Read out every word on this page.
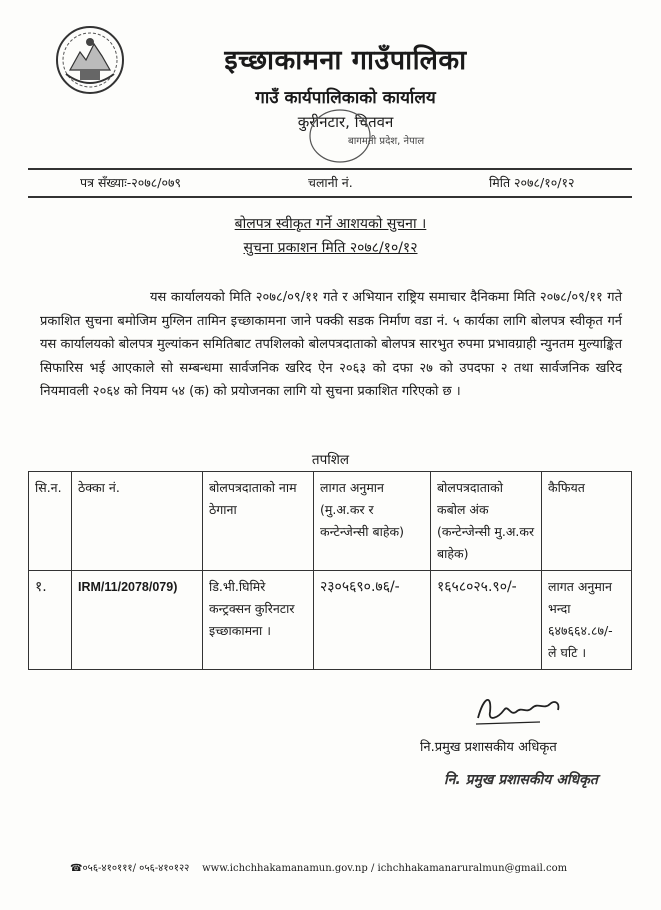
इच्छाकामना गाउँपालिका
गाउँ कार्यपालिकाको कार्यालय
कुरीनटार, चितवन
बागमती प्रदेश, नेपाल
पत्र सँख्याः-२०७८/०७९	चलानी नं.	मिति २०७८/१०/१२
बोलपत्र स्वीकृत गर्ने आशयको सुचना ।
सुचना प्रकाशन मिति २०७८/१०/१२
यस कार्यालयको मिति २०७८/०९/११ गते र अभियान राष्ट्रिय समाचार दैनिकमा मिति २०७८/०९/११ गते प्रकाशित सुचना बमोजिम मुग्लिन तामिन इच्छाकामना जाने पक्की सडक निर्माण वडा नं. ५ कार्यका लागि बोलपत्र स्वीकृत गर्न यस कार्यालयको बोलपत्र मुल्यांकन समितिबाट तपशिलको बोलपत्रदाताको बोलपत्र सारभुत रुपमा प्रभावग्राही न्युनतम मुल्याङ्कित सिफारिस भई आएकाले सो सम्बन्धमा सार्वजनिक खरिद ऐन २०६३ को दफा २७ को उपदफा २ तथा सार्वजनिक खरिद नियमावली २०६४ को नियम ५४ (क) को प्रयोजनका लागि यो सुचना प्रकाशित गरिएको छ ।
तपशिल
सि.न.	ठेक्का नं.	बोलपत्रदाताको नाम ठेगाना	लागत अनुमान (मु.अ.कर र कन्टेन्जेन्सी बाहेक)	बोलपत्रदाताको कबोल अंक (कन्टेन्जेन्सी मु.अ.कर बाहेक)	कैफियत
१.	IRM/11/2078/079)	डि.भी.घिमिरे कन्ट्रक्सन कुरिनटार इच्छाकामना ।	२३०५६९०.७६/-	१६५८०२५.९०/-	लागत अनुमान भन्दा ६४७६६४.८७/- ले घटि ।
नि.प्रमुख प्रशासकीय अधिकृत
नि. प्रमुख प्रशासकीय अधिकृत
☎०५६-४१०१११/ ०५६-४१०१२२ www.ichchhakamanamun.gov.np / ichchhakamanaruralmun@gmail.com
